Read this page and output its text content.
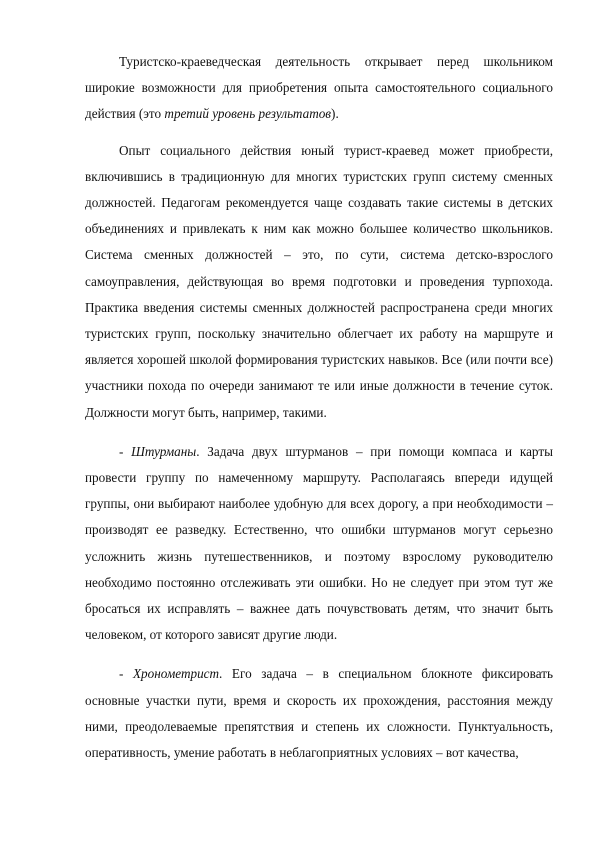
Туристско-краеведческая деятельность открывает перед школьником широкие возможности для приобретения опыта самостоятельного социального действия (это третий уровень результатов).

Опыт социального действия юный турист-краевед может приобрести, включившись в традиционную для многих туристских групп систему сменных должностей. Педагогам рекомендуется чаще создавать такие системы в детских объединениях и привлекать к ним как можно большее количество школьников. Система сменных должностей – это, по сути, система детско-взрослого самоуправления, действующая во время подготовки и проведения турпохода. Практика введения системы сменных должностей распространена среди многих туристских групп, поскольку значительно облегчает их работу на маршруте и является хорошей школой формирования туристских навыков. Все (или почти все) участники похода по очереди занимают те или иные должности в течение суток. Должности могут быть, например, такими.

- Штурманы. Задача двух штурманов – при помощи компаса и карты провести группу по намеченному маршруту. Располагаясь впереди идущей группы, они выбирают наиболее удобную для всех дорогу, а при необходимости – производят ее разведку. Естественно, что ошибки штурманов могут серьезно усложнить жизнь путешественников, и поэтому взрослому руководителю необходимо постоянно отслеживать эти ошибки. Но не следует при этом тут же бросаться их исправлять – важнее дать почувствовать детям, что значит быть человеком, от которого зависят другие люди.

- Хронометрист. Его задача – в специальном блокноте фиксировать основные участки пути, время и скорость их прохождения, расстояния между ними, преодолеваемые препятствия и степень их сложности. Пунктуальность, оперативность, умение работать в неблагоприятных условиях – вот качества,
